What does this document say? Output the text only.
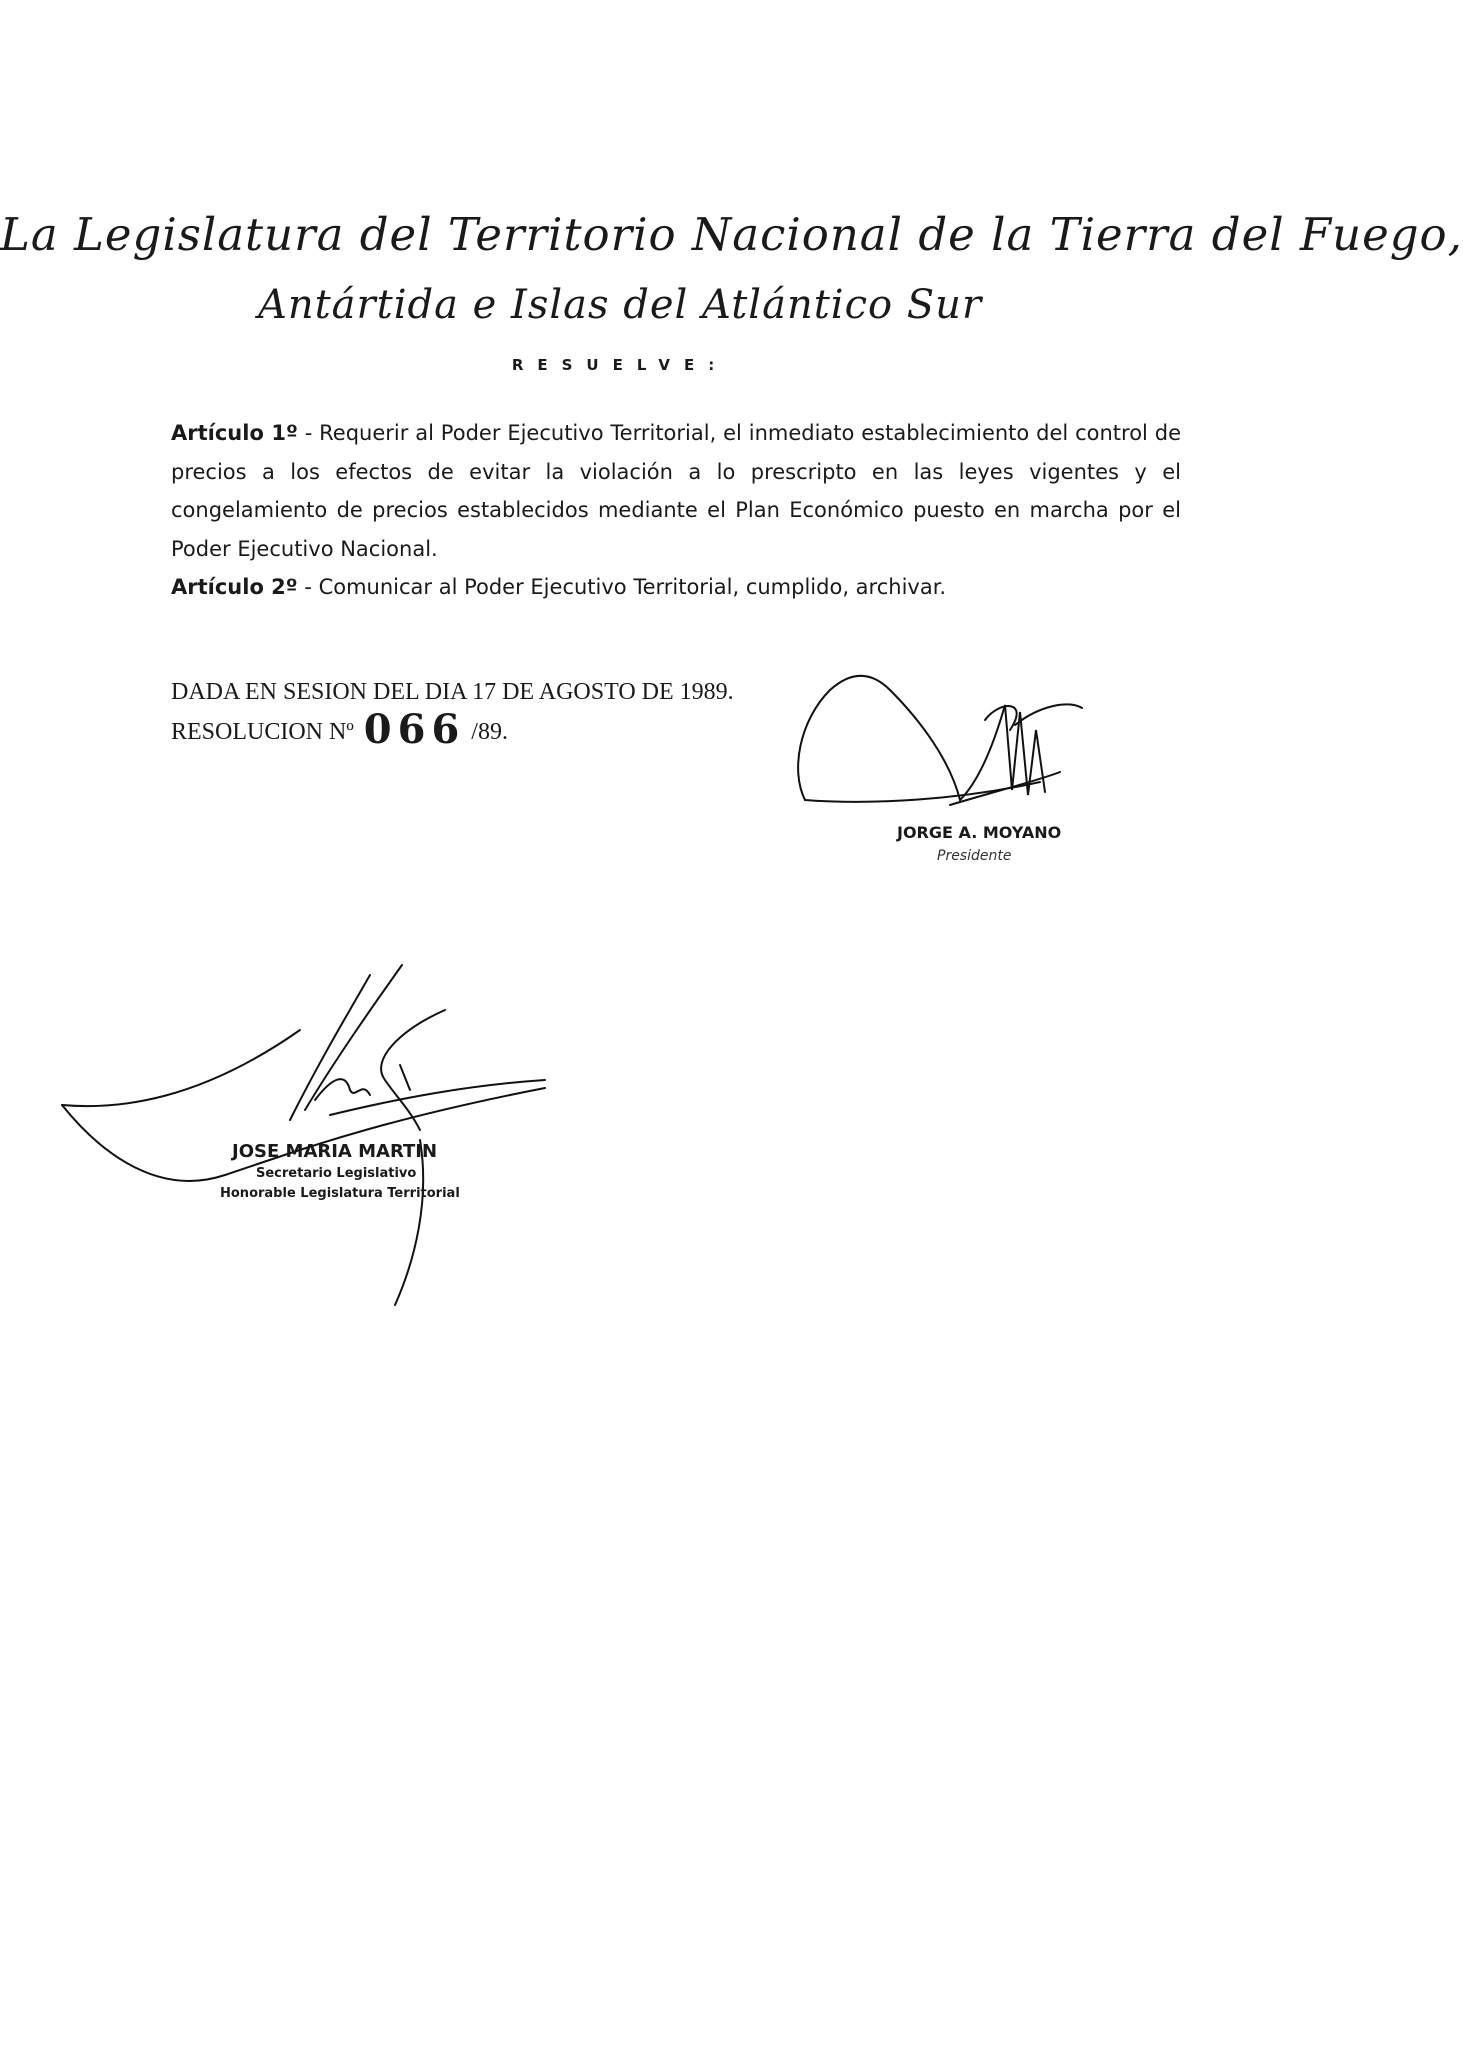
La Legislatura del Territorio Nacional de la Tierra del Fuego,
Antártida e Islas del Atlántico Sur
RESUELVE:

Artículo 1º - Requerir al Poder Ejecutivo Territorial, el inmediato establecimiento del control de precios a los efectos de evitar la violación a lo prescripto en las leyes vigentes y el congelamiento de precios establecidos mediante el Plan Económico puesto en marcha por el Poder Ejecutivo Nacional.

Artículo 2º - Comunicar al Poder Ejecutivo Territorial, cumplido, archivar.

DADA EN SESION DEL DIA 17 DE AGOSTO DE 1989.
RESOLUCION Nº 066 /89.
JORGE A. MOYANO
Presidente
JOSE MARIA MARTIN
Secretario Legislativo
Honorable Legislatura Territorial
